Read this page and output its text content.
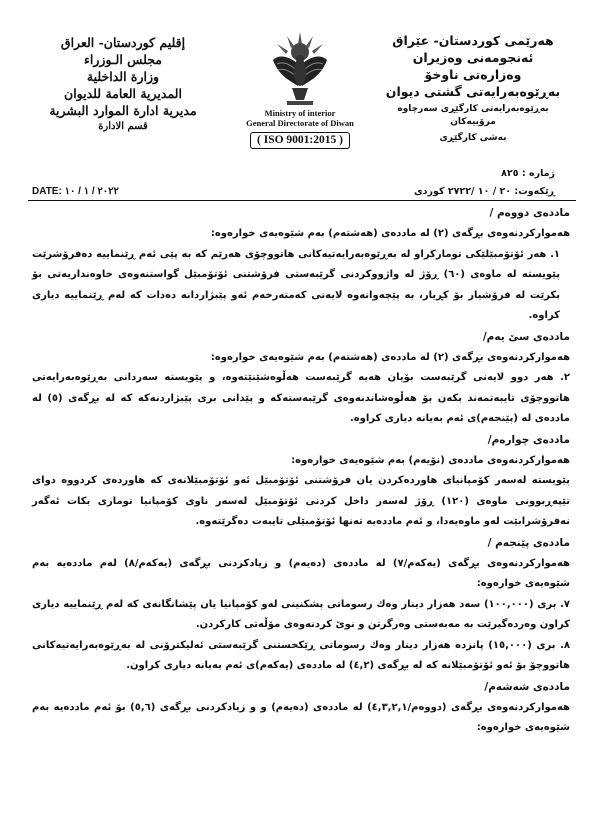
هەرێمی کوردستان- عێراق
ئەنجومەنی وەزیران
وەزارەتی ناوخۆ
بەڕێوەبەرایەتی گشتی دیوان
بەڕێوەبەرایەتی کارگێڕی سەرچاوە مرۆییەکان
بەشی کارگێڕی
Ministry of interior
General Directorate of Diwan
( ISO 9001:2015 )
إقليم كوردستان- العراق
مجلس الـوزراء
وزارة الداخلية
المديرية العامة للديوان
مديرية ادارة الموارد البشرية
قسم الادارة
ژمارە : ٨٢٥
ڕێکەوت: ٢٠ / ١٠ /٢٧٢٢ کوردی
DATE: ٢٠٢٢ / ١ / ١٠

ماددەی دووەم /

هەموارکردنەوەی بڕگەی (٢) لە ماددەی (هەشتەم) بەم شێوەیەی خوارەوە:

١. هەر ئۆتۆمبێلێکی تومارکراو لە بەڕێوەبەرایەتیەکانی هاتووچۆی هەرێم کە بە پێی ئەم ڕێنماییە دەفرۆشرێت پێویستە لە ماوەی (٦٠) ڕۆژ لە واژووکردنی گرێبەستی فرۆشتنی ئۆتۆمبێل گواستنەوەی خاوەنداریەتی بۆ بکرێت لە فرۆشیار بۆ کڕیار، بە پێچەوانەوە لایەنی کەمتەرخەم ئەو پێبژاردانە دەدات کە لەم ڕێنماییە دیاری کراوە.

ماددەی سێ یەم/

هەموارکردنەوەی بڕگەی (٢) لە ماددەی (هەشتەم) بەم شێوەیەی خوارەوە:

٢. هەر دوو لایەنی گرێبەست بۆیان هەیە گرێبەست هەڵوەشێنێتەوە، و پێویستە سەردانی بەڕێوەبەرایەتی هاتووچۆی تایبەتمەند بکەن بۆ هەڵوەشاندنەوەی گرێبەستەکە و پێدانی بری پێبژاردنەکە کە لە بڕگەی (٥) لە ماددەی لە (پێنجەم)ی ئەم بەیانە دیاری کراوە.

ماددەی چوارەم/

هەموارکردنەوەی ماددەی (نۆیەم) بەم شێوەیەی خوارەوە:

پێویستە لەسەر کۆمپانیای هاوردەکردن یان فرۆشتنی ئۆتۆمبێل ئەو ئۆتۆمبێلانەی کە هاوردەی کردووە دوای تێپەڕبوونی ماوەی (١٢٠) ڕۆژ لەسەر داخل کردنی ئۆتۆمبێل لەسەر ناوی کۆمپانیا توماری بکات ئەگەر نەفرۆشرابێت لەو ماوەیەدا، و ئەم ماددەیە تەنها ئۆتۆمبێلی تایبەت دەگرێتەوە.

ماددەی پێنجەم /

هەموارکردنەوەی بڕگەی (یەکەم/٧) لە ماددەی (دەیەم) و زیادکردنی بڕگەی (یەکەم/٨) لەم ماددەیە بەم شێوەیەی خوارەوە:

٧. بری (١٠٠,٠٠٠) سەد هەزار دینار وەك رسوماتی پشکنینی لەو کۆمپانیا یان پێشانگانەی کە لەم ڕێنماییە دیاری کراون وەردەگیرێت بە مەبەستی وەرگرتن و نوێ کردنەوەی مۆڵەتی کارکردن.

٨. بری (١٥,٠٠٠) پانزدە هەزار دینار وەك رسوماتی ڕێکخستنی گرێبەستی ئەلیکترۆنی لە بەڕێوەبەرایەتیەکانی هاتووچۆ بۆ ئەو ئۆتۆمبێلانە کە لە بڕگەی (٤,٢) لە ماددەی (یەکەم)ی ئەم بەیانە دیاری کراون.

ماددەی شەشەم/

هەموارکردنەوەی بڕگەی (دووەم/٤,٣,٢,١) لە ماددەی (دەیەم) و و زیادکردنی بڕگەی (٥,٦) بۆ ئەم ماددەیە بەم شێوەیەی خوارەوە:
